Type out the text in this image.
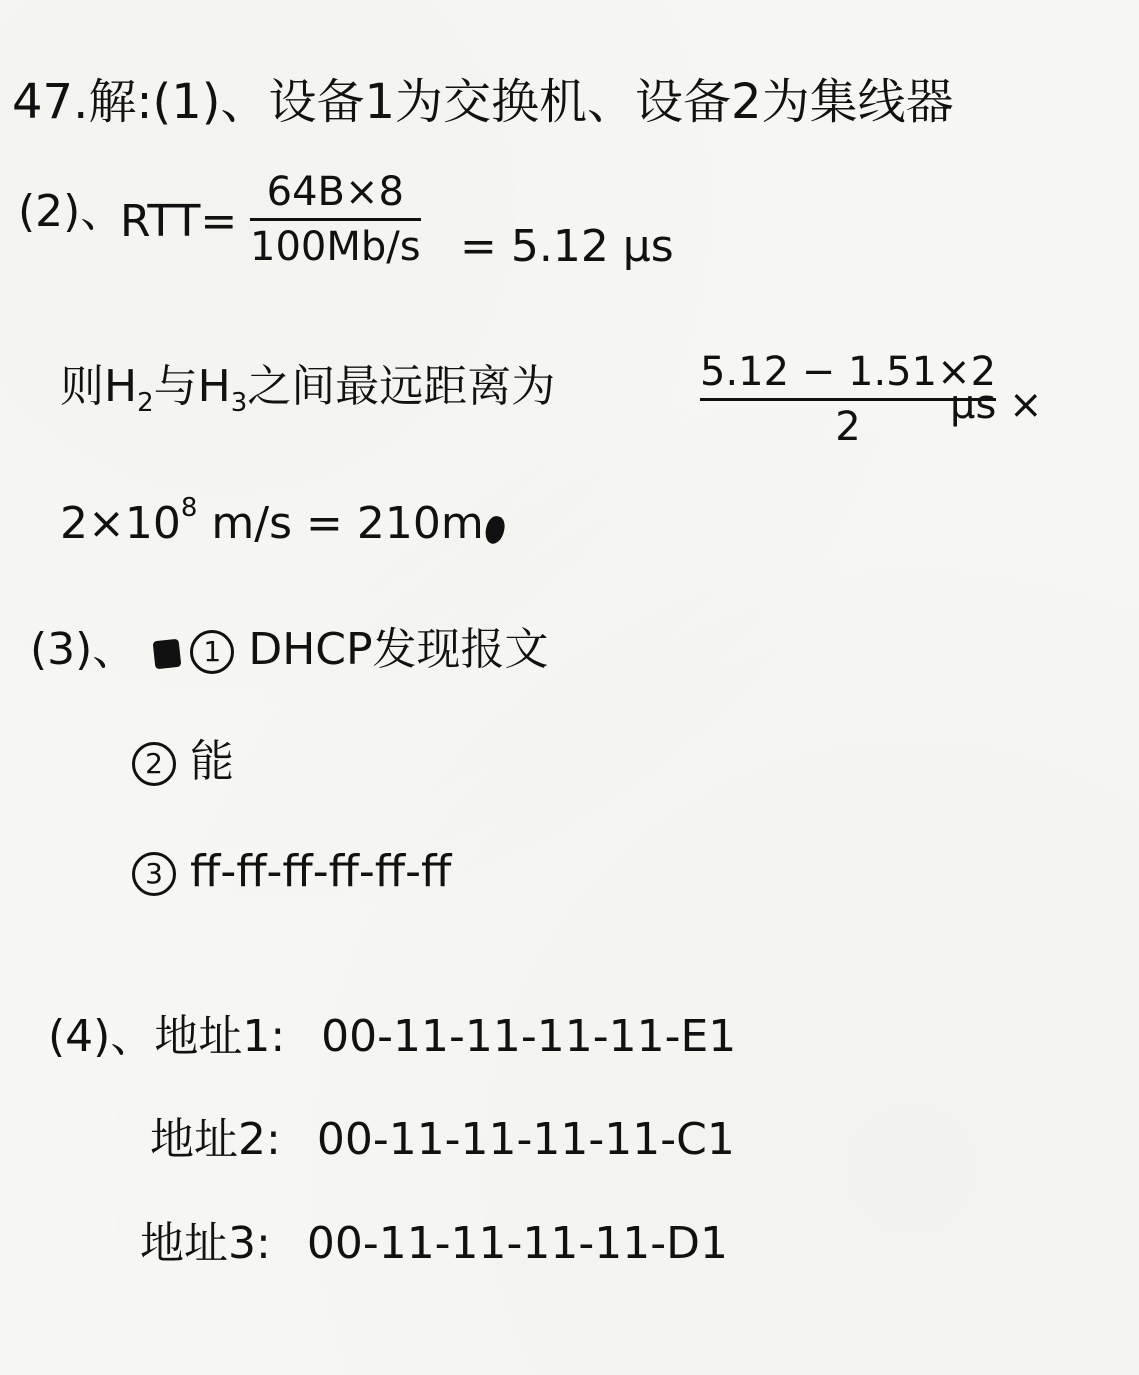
47.解:(1)、设备1为交换机、设备2为集线器
(2)、
RTT=
64B×8
100Mb/s = 5.12 μs
则$H_2$与$H_3$之间最远距离为	5.12 − 1.51×2
2 μs ×
$2\times 10^8$ m/s = 210m
(3)、 1 DHCP发现报文
2 能
3 ff-ff-ff-ff-ff-ff
(4)、地址1: 00-11-11-11-11-E1
地址2: 00-11-11-11-11-C1
地址3: 00-11-11-11-11-D1
